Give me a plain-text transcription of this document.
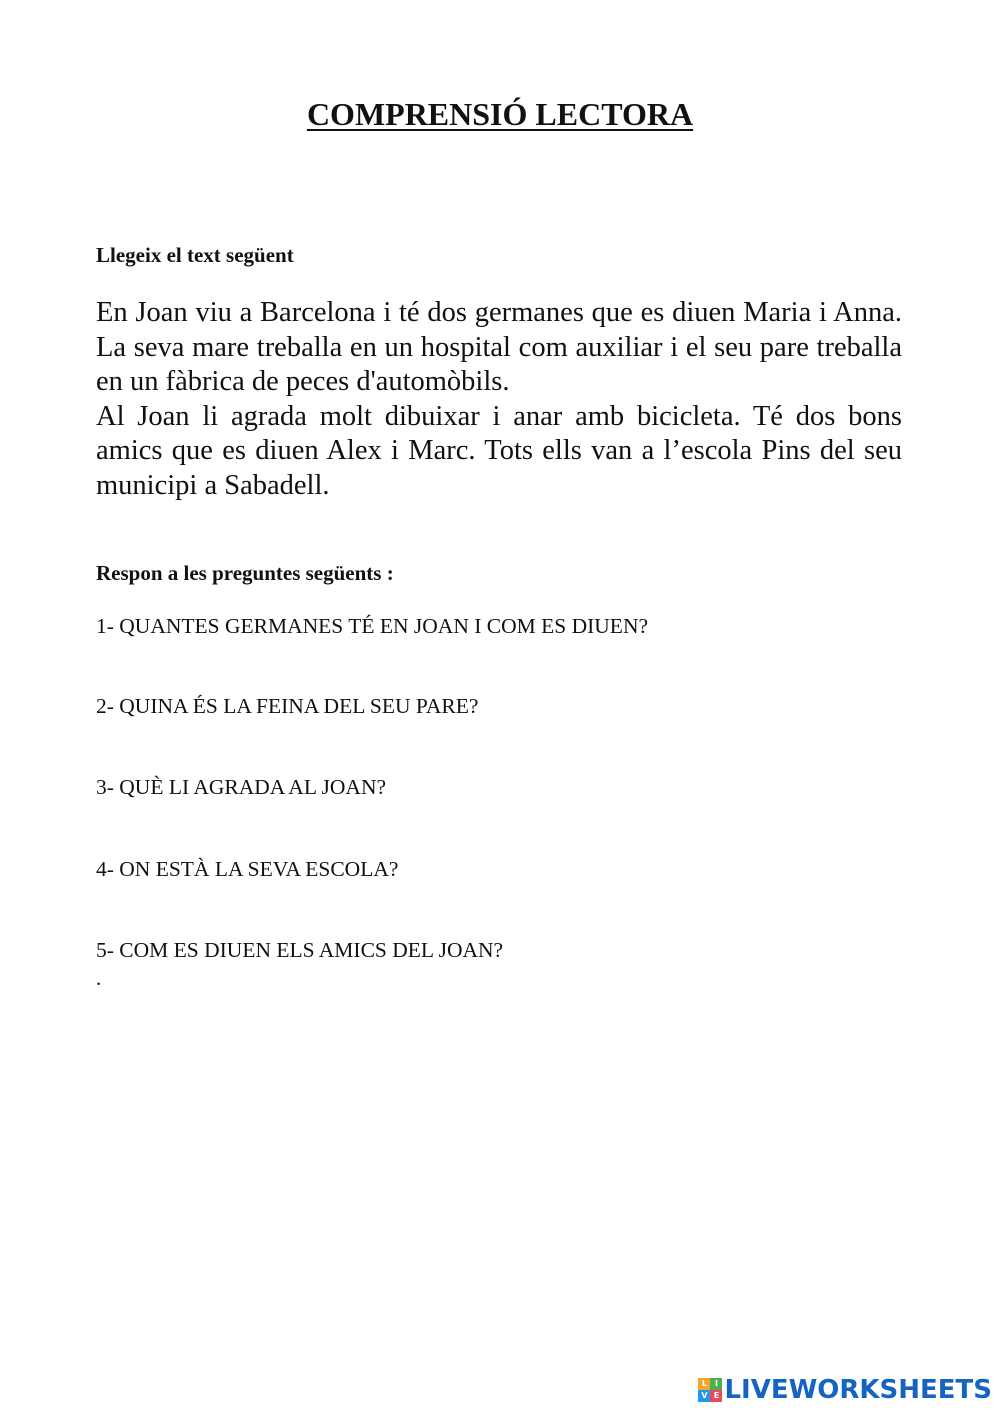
COMPRENSIÓ LECTORA

Llegeix el text següent

En Joan viu a Barcelona i té dos germanes que es diuen Maria i Anna. La seva mare treballa en un hospital com auxiliar i el seu pare treballa en un fàbrica de peces d'automòbils.

Al Joan li agrada molt dibuixar i anar amb bicicleta. Té dos bons amics que es diuen Alex i Marc. Tots ells van a l’escola Pins del seu municipi a Sabadell.

Respon a les preguntes següents :

1- QUANTES GERMANES TÉ EN JOAN I COM ES DIUEN?

2- QUINA ÉS LA FEINA DEL SEU PARE?

3- QUÈ LI AGRADA AL JOAN?

4- ON ESTÀ LA SEVA ESCOLA?

5- COM ES DIUEN ELS AMICS DEL JOAN?

.

L I
V E LIVEWORKSHEETS
